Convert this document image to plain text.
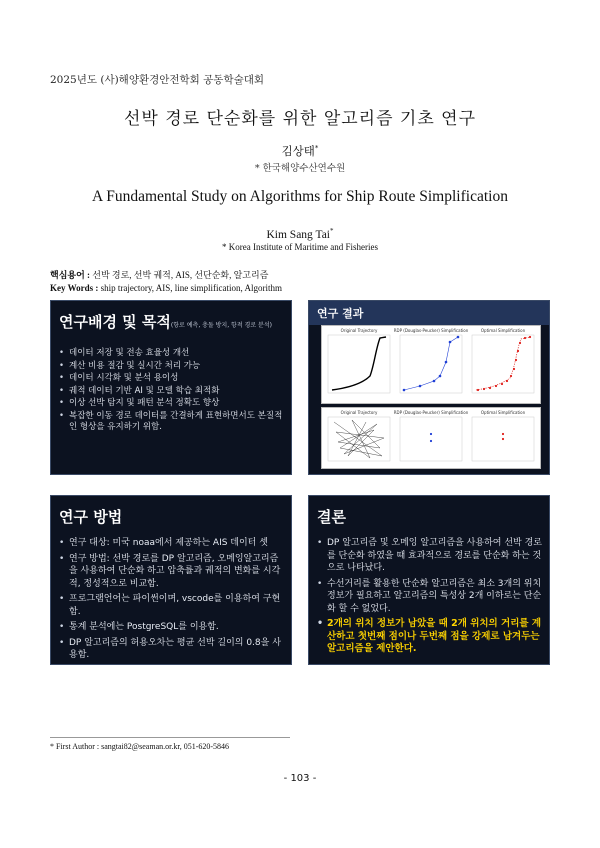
2025년도 (사)해양환경안전학회 공동학술대회
선박 경로 단순화를 위한 알고리즘 기초 연구
김상태*
* 한국해양수산연수원
A Fundamental Study on Algorithms for Ship Route Simplification
Kim Sang Tai*
* Korea Institute of Maritime and Fisheries
핵심용어 : 선박 경로, 선박 궤적, AIS, 선단순화, 알고리즘
Key Words : ship trajectory, AIS, line simplification, Algorithm
연구배경 및 목적(항로 예측, 충돌 방지, 항적 경로 분석)
• 데이터 저장 및 전송 효율성 개선
• 계산 비용 절감 및 실시간 처리 가능
• 데이터 시각화 및 분석 용이성
• 궤적 데이터 기반 AI 및 모델 학습 최적화
• 이상 선박 탐지 및 패턴 분석 정확도 향상
• 복잡한 이동 경로 데이터를 간결하게 표현하면서도 본질적인 형상을 유지하기 위함.
연구 결과
Original Trajectory	RDP (Douglas-Peucker) Simplification	Optimal Simplification
Original Trajectory	RDP (Douglas-Peucker) Simplification	Optimal Simplification
연구 방법
• 연구 대상: 미국 noaa에서 제공하는 AIS 데이터 셋
• 연구 방법: 선박 경로를 DP 알고리즘, 오메잉알고리즘을 사용하여 단순화 하고 압축률과 궤적의 변화를 시각적, 정성적으로 비교함.
• 프로그램언어는 파이썬이며, vscode를 이용하여 구현함.
• 통계 분석에는 PostgreSQL를 이용함.
• DP 알고리즘의 허용오차는 평균 선박 길이의 0.8을 사용함.
결론
• DP 알고리즘 및 오메잉 알고리즘을 사용하여 선박 경로를 단순화 하였을 때 효과적으로 경로를 단순화 하는 것으로 나타났다.
• 수선거리를 활용한 단순화 알고리즘은 최소 3개의 위치 정보가 필요하고 알고리즘의 특성상 2개 이하로는 단순화 할 수 없었다.
• 2개의 위치 정보가 남았을 때 2개 위치의 거리를 계산하고 첫번째 점이나 두번째 점을 강제로 남겨두는 알고리즘을 제안한다.
* First Author : sangtai82@seaman.or.kr, 051-620-5846
- 103 -
